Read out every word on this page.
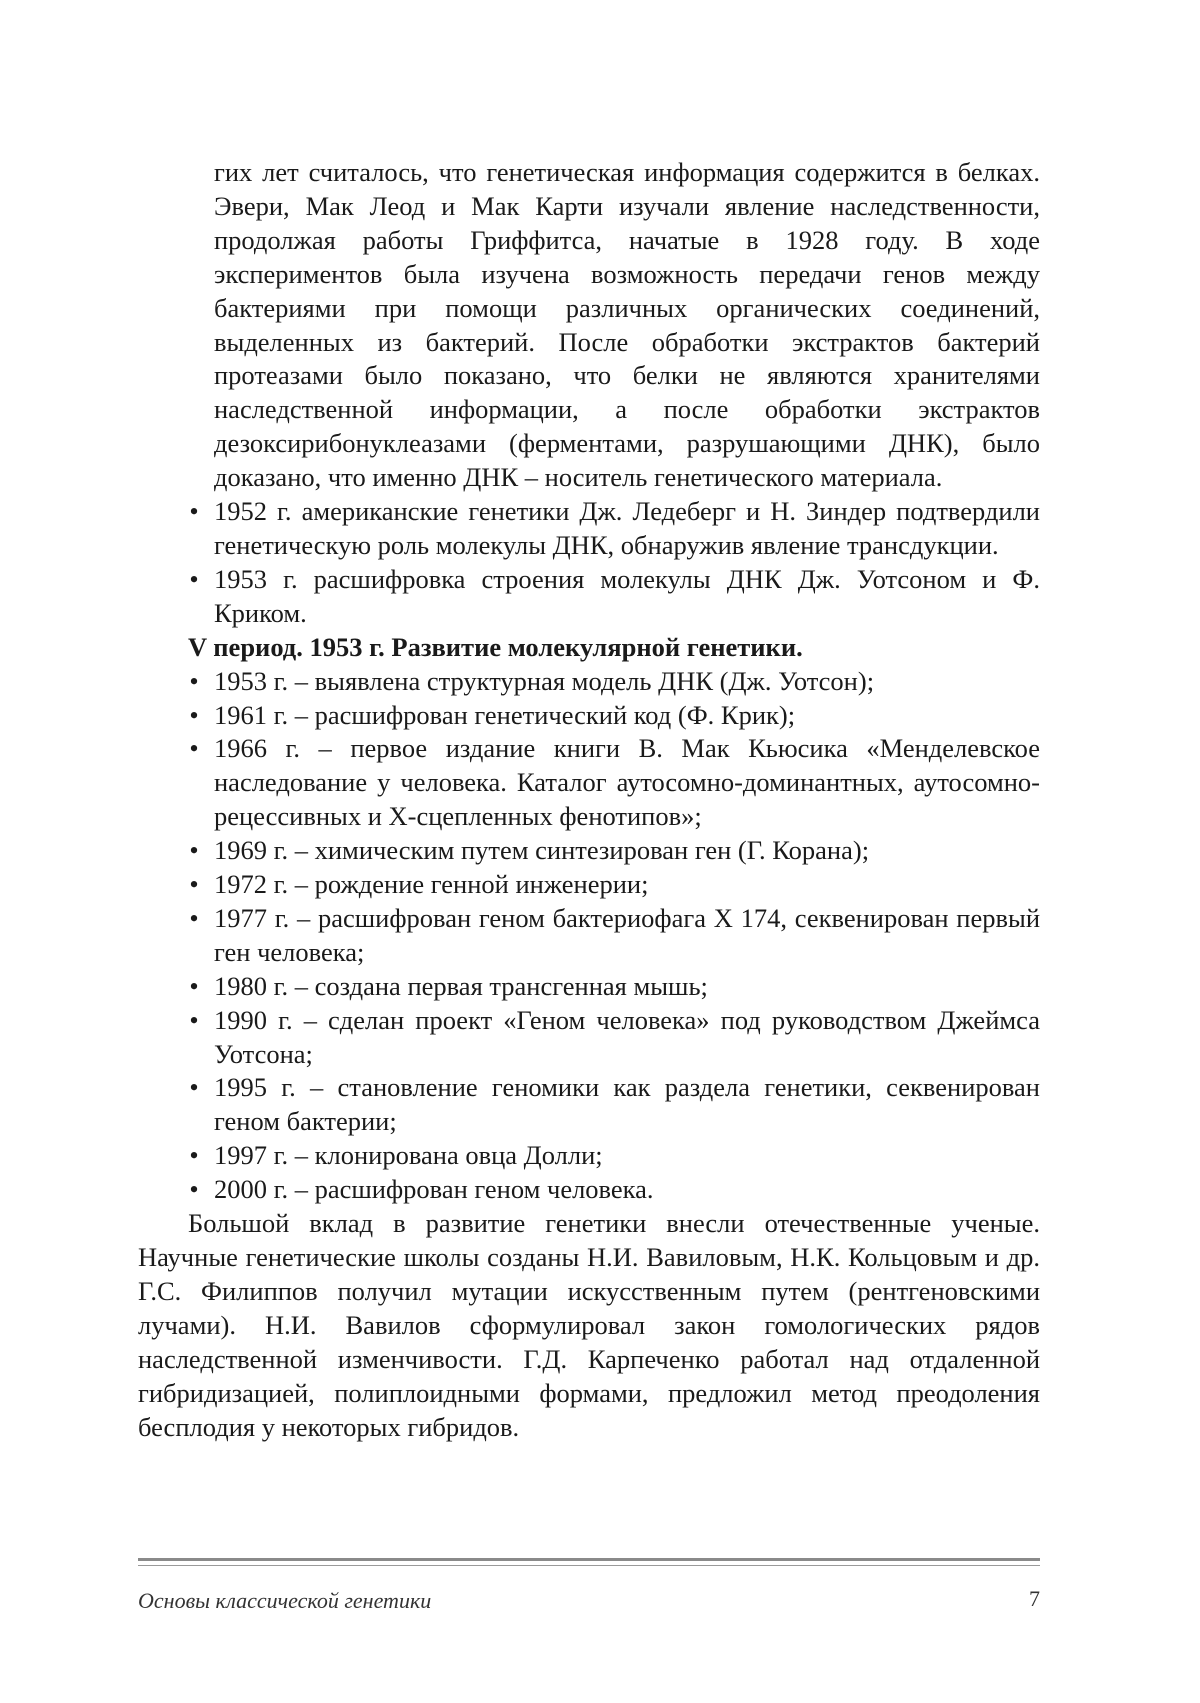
гих лет считалось, что генетическая информация содержится в белках. Эвери, Мак Леод и Мак Карти изучали явление наследственности, продолжая работы Гриффитса, начатые в 1928 году. В ходе экспериментов была изучена возможность передачи генов между бактериями при помощи различных органических соединений, выделенных из бактерий. После обработки экстрактов бактерий протеазами было показано, что белки не являются хранителями наследственной информации, а после обработки экстрактов дезоксирибонуклеазами (ферментами, разрушающими ДНК), было доказано, что именно ДНК – носитель генетического материала.

• 1952 г. американские генетики Дж. Ледеберг и Н. Зиндер подтвердили генетическую роль молекулы ДНК, обнаружив явление трансдукции.

• 1953 г. расшифровка строения молекулы ДНК Дж. Уотсоном и Ф. Криком.

V период. 1953 г. Развитие молекулярной генетики.

• 1953 г. – выявлена структурная модель ДНК (Дж. Уотсон);

• 1961 г. – расшифрован генетический код (Ф. Крик);

• 1966 г. – первое издание книги В. Мак Кьюсика «Менделевское наследование у человека. Каталог аутосомно-доминантных, аутосомно-рецессивных и Х-сцепленных фенотипов»;

• 1969 г. – химическим путем синтезирован ген (Г. Корана);

• 1972 г. – рождение генной инженерии;

• 1977 г. – расшифрован геном бактериофага Х 174, секвенирован первый ген человека;

• 1980 г. – создана первая трансгенная мышь;

• 1990 г. – сделан проект «Геном человека» под руководством Джеймса Уотсона;

• 1995 г. – становление геномики как раздела генетики, секвенирован геном бактерии;

• 1997 г. – клонирована овца Долли;

• 2000 г. – расшифрован геном человека.

Большой вклад в развитие генетики внесли отечественные ученые. Научные генетические школы созданы Н.И. Вавиловым, Н.К. Кольцовым и др. Г.С. Филиппов получил мутации искусственным путем (рентгеновскими лучами). Н.И. Вавилов сформулировал закон гомологических рядов наследственной изменчивости. Г.Д. Карпеченко работал над отдаленной гибридизацией, полиплоидными формами, предложил метод преодоления бесплодия у некоторых гибридов.

Основы классической генетики	7
